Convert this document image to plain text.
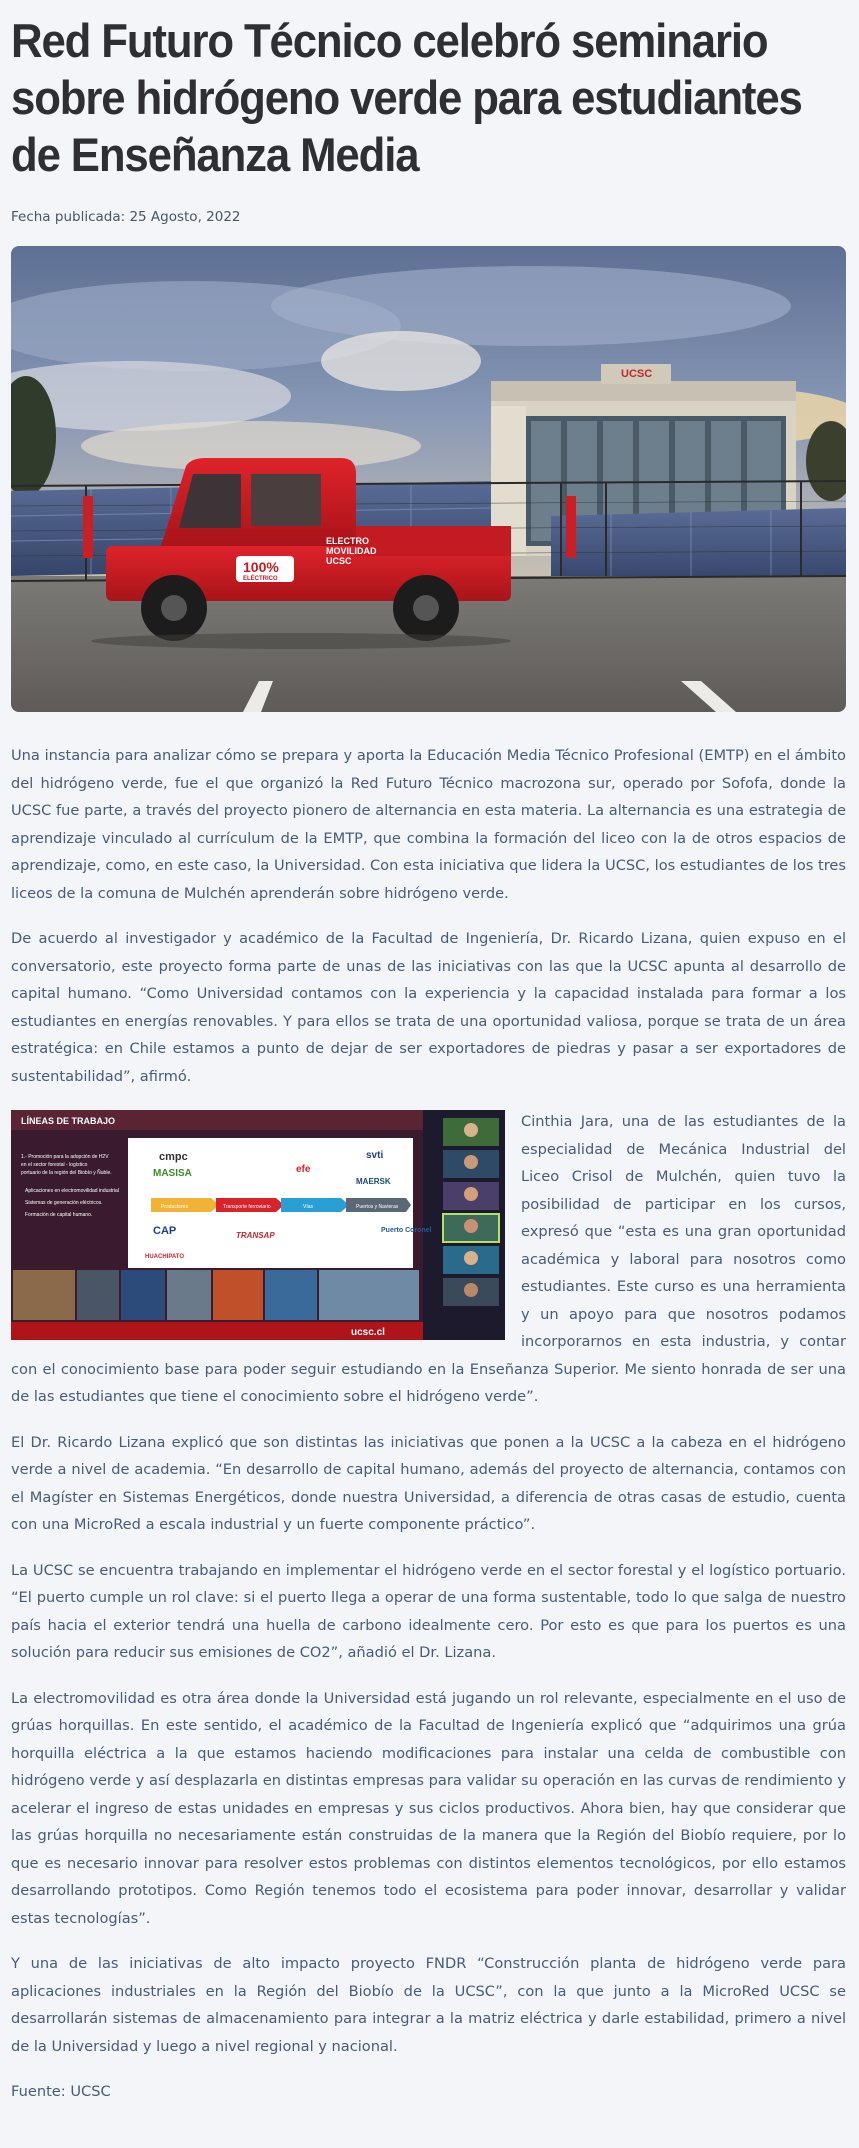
Red Futuro Técnico celebró seminario sobre hidrógeno verde para estudiantes de Enseñanza Media
Fecha publicada: 25 Agosto, 2022
UCSC
100%
ELÉCTRICO
ELECTRO
MOVILIDAD
UCSC

Una instancia para analizar cómo se prepara y aporta la Educación Media Técnico Profesional (EMTP) en el ámbito del hidrógeno verde, fue el que organizó la Red Futuro Técnico macrozona sur, operado por Sofofa, donde la UCSC fue parte, a través del proyecto pionero de alternancia en esta materia. La alternancia es una estrategia de aprendizaje vinculado al currículum de la EMTP, que combina la formación del liceo con la de otros espacios de aprendizaje, como, en este caso, la Universidad. Con esta iniciativa que lidera la UCSC, los estudiantes de los tres liceos de la comuna de Mulchén aprenderán sobre hidrógeno verde.

De acuerdo al investigador y académico de la Facultad de Ingeniería, Dr. Ricardo Lizana, quien expuso en el conversatorio, este proyecto forma parte de unas de las iniciativas con las que la UCSC apunta al desarrollo de capital humano. “Como Universidad contamos con la experiencia y la capacidad instalada para formar a los estudiantes en energías renovables. Y para ellos se trata de una oportunidad valiosa, porque se trata de un área estratégica: en Chile estamos a punto de dejar de ser exportadores de piedras y pasar a ser exportadores de sustentabilidad”, afirmó.

LÍNEAS DE TRABAJO
1.- Promoción para la adopción de H2V
en el sector forestal - logístico
portuario de la región del Biobío y Ñuble.
Aplicaciones en electromovilidad industrial
Sistemas de generación eléctricos.
Formación de capital humano.
cmpc
MASISA
CAP
HUACHIPATO
efe
svti
MAERSK
TRANSAP
Puerto Coronel
Productores	Transporte ferroviario	Vías	Puertos y Navieras
ucsc.cl

Cinthia Jara, una de las estudiantes de la especialidad de Mecánica Industrial del Liceo Crisol de Mulchén, quien tuvo la posibilidad de participar en los cursos, expresó que “esta es una gran oportunidad académica y laboral para nosotros como estudiantes. Este curso es una herramienta y un apoyo para que nosotros podamos incorporarnos en esta industria, y contar con el conocimiento base para poder seguir estudiando en la Enseñanza Superior. Me siento honrada de ser una de las estudiantes que tiene el conocimiento sobre el hidrógeno verde”.

El Dr. Ricardo Lizana explicó que son distintas las iniciativas que ponen a la UCSC a la cabeza en el hidrógeno verde a nivel de academia. “En desarrollo de capital humano, además del proyecto de alternancia, contamos con el Magíster en Sistemas Energéticos, donde nuestra Universidad, a diferencia de otras casas de estudio, cuenta con una MicroRed a escala industrial y un fuerte componente práctico”.

La UCSC se encuentra trabajando en implementar el hidrógeno verde en el sector forestal y el logístico portuario. “El puerto cumple un rol clave: si el puerto llega a operar de una forma sustentable, todo lo que salga de nuestro país hacia el exterior tendrá una huella de carbono idealmente cero. Por esto es que para los puertos es una solución para reducir sus emisiones de CO2”, añadió el Dr. Lizana.

La electromovilidad es otra área donde la Universidad está jugando un rol relevante, especialmente en el uso de grúas horquillas. En este sentido, el académico de la Facultad de Ingeniería explicó que “adquirimos una grúa horquilla eléctrica a la que estamos haciendo modificaciones para instalar una celda de combustible con hidrógeno verde y así desplazarla en distintas empresas para validar su operación en las curvas de rendimiento y acelerar el ingreso de estas unidades en empresas y sus ciclos productivos. Ahora bien, hay que considerar que las grúas horquilla no necesariamente están construidas de la manera que la Región del Biobío requiere, por lo que es necesario innovar para resolver estos problemas con distintos elementos tecnológicos, por ello estamos desarrollando prototipos. Como Región tenemos todo el ecosistema para poder innovar, desarrollar y validar estas tecnologías”.

Y una de las iniciativas de alto impacto proyecto FNDR “Construcción planta de hidrógeno verde para aplicaciones industriales en la Región del Biobío de la UCSC”, con la que junto a la MicroRed UCSC se desarrollarán sistemas de almacenamiento para integrar a la matriz eléctrica y darle estabilidad, primero a nivel de la Universidad y luego a nivel regional y nacional.

Fuente: UCSC
